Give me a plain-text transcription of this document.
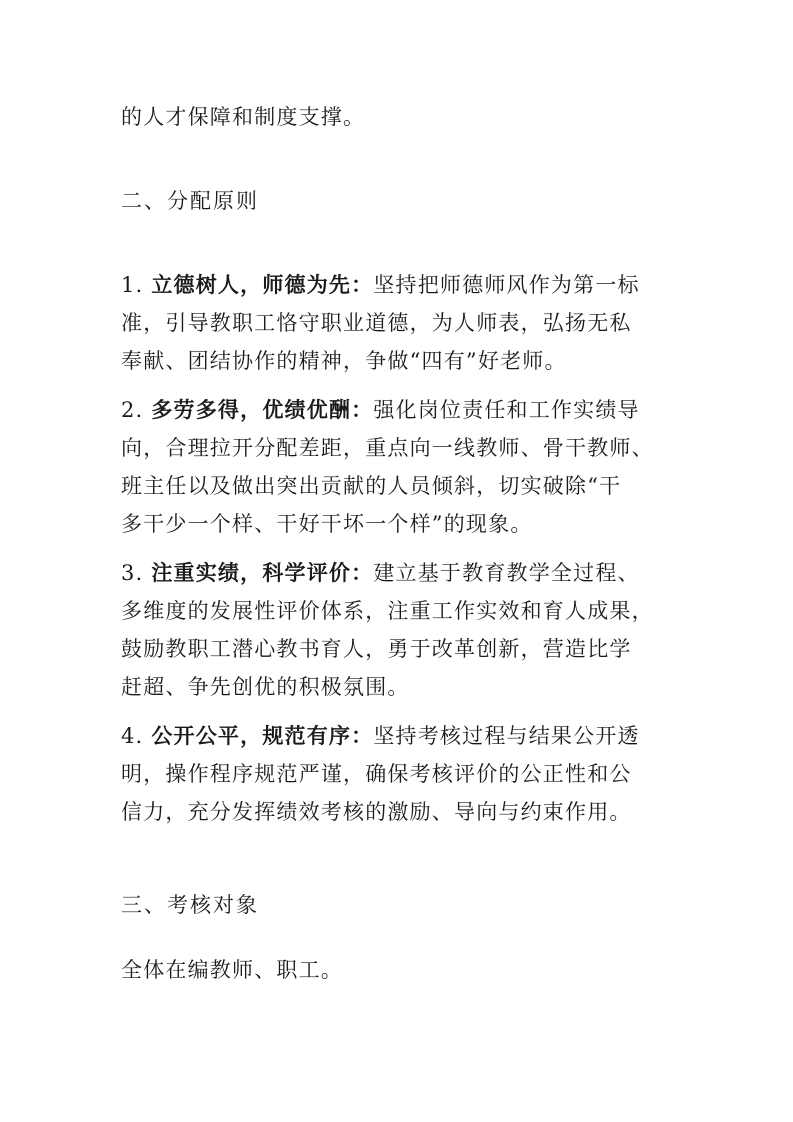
的人才保障和制度支撑。
二、分配原则
1. 立德树人，师德为先：坚持把师德师风作为第一标
准，引导教职工恪守职业道德，为人师表，弘扬无私
奉献、团结协作的精神，争做“四有”好老师。
2. 多劳多得，优绩优酬：强化岗位责任和工作实绩导
向，合理拉开分配差距，重点向一线教师、骨干教师、
班主任以及做出突出贡献的人员倾斜，切实破除“干
多干少一个样、干好干坏一个样”的现象。
3. 注重实绩，科学评价：建立基于教育教学全过程、
多维度的发展性评价体系，注重工作实效和育人成果，
鼓励教职工潜心教书育人，勇于改革创新，营造比学
赶超、争先创优的积极氛围。
4. 公开公平，规范有序：坚持考核过程与结果公开透
明，操作程序规范严谨，确保考核评价的公正性和公
信力，充分发挥绩效考核的激励、导向与约束作用。
三、考核对象
全体在编教师、职工。
